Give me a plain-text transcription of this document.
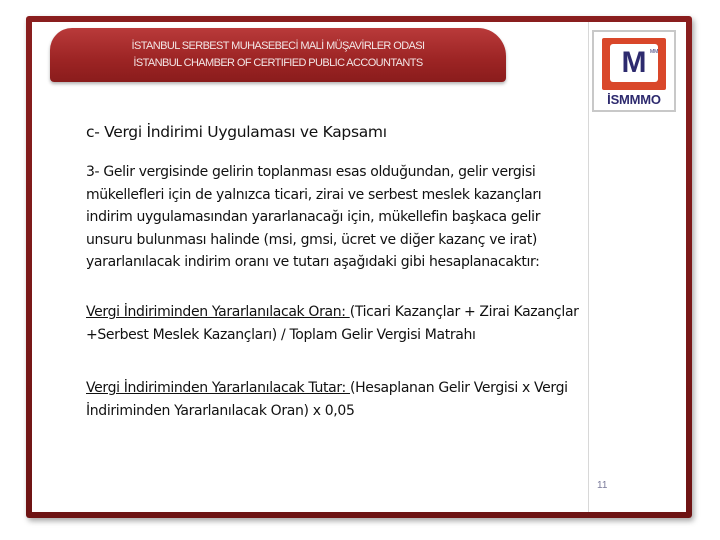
İSTANBUL SERBEST MUHASEBECİ MALİ MÜŞAVİRLER ODASI
İSTANBUL CHAMBER OF CERTIFIED PUBLIC ACCOUNTANTS	M MM
İSMMMO
c- Vergi İndirimi Uygulaması ve Kapsamı
3- Gelir vergisinde gelirin toplanması esas olduğundan, gelir vergisi mükellefleri için de yalnızca ticari, zirai ve serbest meslek kazançları indirim uygulamasından yararlanacağı için, mükellefin başkaca gelir unsuru bulunması halinde (msi, gmsi, ücret ve diğer kazanç ve irat) yararlanılacak indirim oranı ve tutarı aşağıdaki gibi hesaplanacaktır:
Vergi İndiriminden Yararlanılacak Oran: (Ticari Kazançlar + Zirai Kazançlar +Serbest Meslek Kazançları) / Toplam Gelir Vergisi Matrahı
Vergi İndiriminden Yararlanılacak Tutar: (Hesaplanan Gelir Vergisi x Vergi İndiriminden Yararlanılacak Oran) x 0,05
11
